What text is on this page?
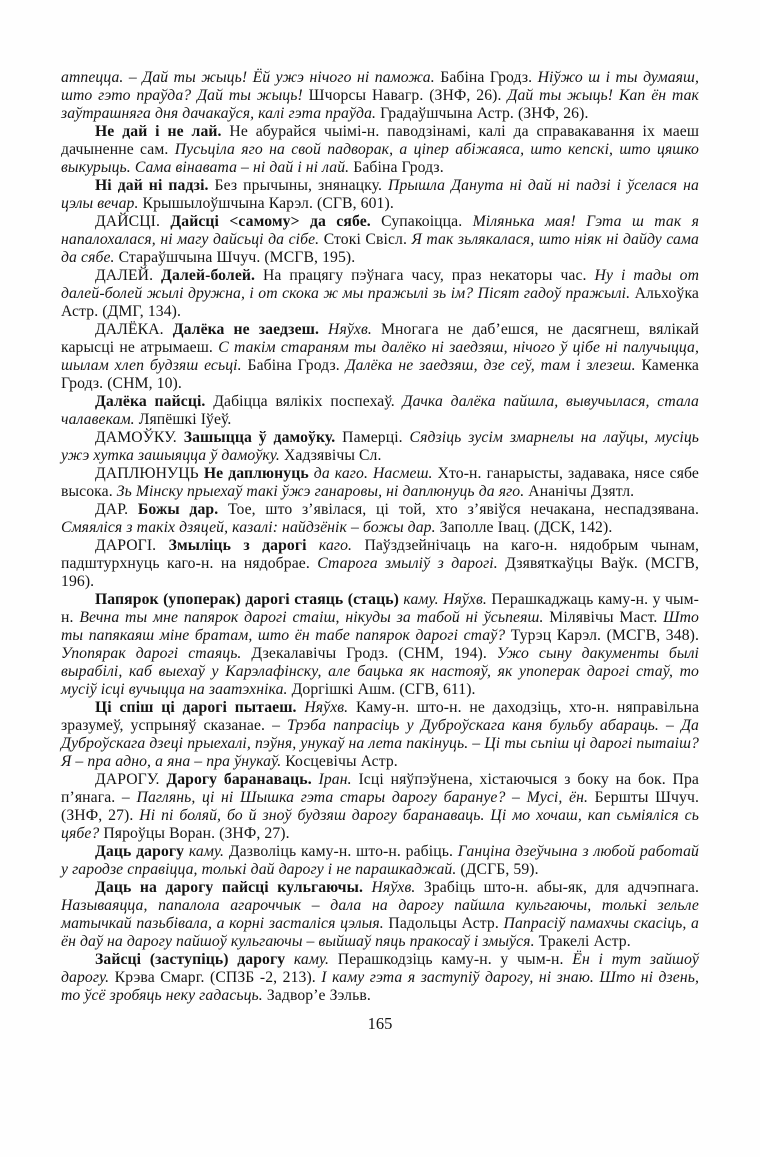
атпецца. – Дай ты жыць! Ёй ужэ нічого ні паможа. Бабіна Гродз. Ніўжо ш і ты думаяш, што гэто праўда? Дай ты жыць! Шчорсы Навагр. (ЗНФ, 26). Дай ты жыць! Кап ён так заўтрашняга дня дачакаўся, калі гэта праўда. Градаўшчына Астр. (ЗНФ, 26).

Не дай і не лай. Не абурайся чыімі-н. паводзінамі, калі да справакавання іх маеш дачыненне сам. Пусьціла яго на свой падворак, а ціпер абіжаяса, што кепскі, што цяшко выкурыць. Сама вінавата – ні дай і ні лай. Бабіна Гродз.

Ні дай ні падзі. Без прычыны, знянацку. Прышла Данута ні дай ні падзі і ўселася на цэлы вечар. Крышылоўшчына Карэл. (СГВ, 601).

ДАЙСЦІ. Дайсці <самому> да сябе. Супакоіцца. Мілянька мая! Гэта ш так я напалохалася, ні магу дайсьці да сібе. Стокі Свісл. Я так зьлякалася, што ніяк ні дайду сама да сябе. Стараўшчына Шчуч. (МСГВ, 195).

ДАЛЕЙ. Далей-болей. На працягу пэўнага часу, праз некаторы час. Ну і тады от далей-болей жылі дружна, і от скока ж мы пражылі зь ім? Пісят гадоў пражылі. Альхоўка Астр. (ДМГ, 134).

ДАЛЁКА. Далёка не заедзеш. Няўхв. Многага не даб’ешся, не дасягнеш, вялікай карысці не атрымаеш. С такім стараням ты далёко ні заедзяш, нічого ў цібе ні палучыцца, шылам хлеп будзяш есьці. Бабіна Гродз. Далёка не заедзяш, дзе сеў, там і злезеш. Каменка Гродз. (СНМ, 10).

Далёка пайсці. Дабіцца вялікіх поспехаў. Дачка далёка пайшла, вывучылася, стала чалавекам. Ляпёшкі Іўеў.

ДАМОЎКУ. Зашыцца ў дамоўку. Памерці. Сядзіць зусім змарнелы на лаўцы, мусіць ужэ хутка зашыяцца ў дамоўку. Хадзявічы Сл.

ДАПЛЮНУЦЬ Не даплюнуць да каго. Насмеш. Хто-н. ганарысты, задавака, нясе сябе высока. Зь Мінску прыехаў такі ўжэ ганаровы, ні даплюнуць да яго. Ананічы Дзятл.

ДАР. Божы дар. Тое, што з’явілася, ці той, хто з’явіўся нечакана, неспадзявана. Смяяліся з такіх дзяцей, казалі: найдзёнік – божы дар. Заполле Івац. (ДСК, 142).

ДАРОГІ. Змыліць з дарогі каго. Паўздзейнічаць на каго-н. нядобрым чынам, падштурхнуць каго-н. на нядобрае. Старога змыліў з дарогі. Дзявяткаўцы Ваўк. (МСГВ, 196).

Папярок (упоперак) дарогі стаяць (стаць) каму. Няўхв. Перашкаджаць каму-н. у чым-н. Вечна ты мне папярок дарогі стаіш, нікуды за табой ні ўсьпеяш. Мілявічы Маст. Што ты папякаяш міне братам, што ён табе папярок дарогі стаў? Турэц Карэл. (МСГВ, 348). Упопярак дарогі стаяць. Дзекалавічы Гродз. (СНМ, 194). Ужо сыну дакументы былі вырабілі, каб выехаў у Карэлафінску, але бацька як настояў, як упоперак дарогі стаў, то мусіў ісці вучыцца на заатэхніка. Доргішкі Ашм. (СГВ, 611).

Ці спіш ці дарогі пытаеш. Няўхв. Каму-н. што-н. не даходзіць, хто-н. няправільна зразумеў, успрыняў сказанае. – Трэба папрасіць у Дуброўскага каня бульбу абараць. – Да Дуброўскага дзеці прыехалі, пэўня, унукаў на лета пакінуць. – Ці ты сьпіш ці дарогі пытаіш? Я – пра адно, а яна – пра ўнукаў. Косцевічы Астр.

ДАРОГУ. Дарогу баранаваць. Іран. Ісці няўпэўнена, хістаючыся з боку на бок. Пра п’янага. – Паглянь, ці ні Шышка гэта стары дарогу барануе? – Мусі, ён. Бершты Шчуч. (ЗНФ, 27). Ні пі боляй, бо й зноў будзяш дарогу баранаваць. Ці мо хочаш, кап сьміяліся сь цябе? Пяроўцы Воран. (ЗНФ, 27).

Даць дарогу каму. Дазволіць каму-н. што-н. рабіць. Ганціна дзеўчына з любой работай у гародзе справіцца, толькі дай дарогу і не парашкаджай. (ДСГБ, 59).

Даць на дарогу пайсці кульгаючы. Няўхв. Зрабіць што-н. абы-як, для адчэпнага. Называяцца, папалола агароччык – дала на дарогу пайшла кульгаючы, толькі зельле матычкай пазьбівала, а корні засталіся цэлыя. Падольцы Астр. Папрасіў памахчы скасіць, а ён даў на дарогу пайшоў кульгаючы – выйшаў пяць пракосаў і змыўся. Тракелі Астр.

Зайсці (заступіць) дарогу каму. Перашкодзіць каму-н. у чым-н. Ён і тут зайшоў дарогу. Крэва Смарг. (СПЗБ -2, 213). І каму гэта я заступіў дарогу, ні знаю. Што ні дзень, то ўсё зробяць неку гадасьць. Задвор’е Зэльв.

165
